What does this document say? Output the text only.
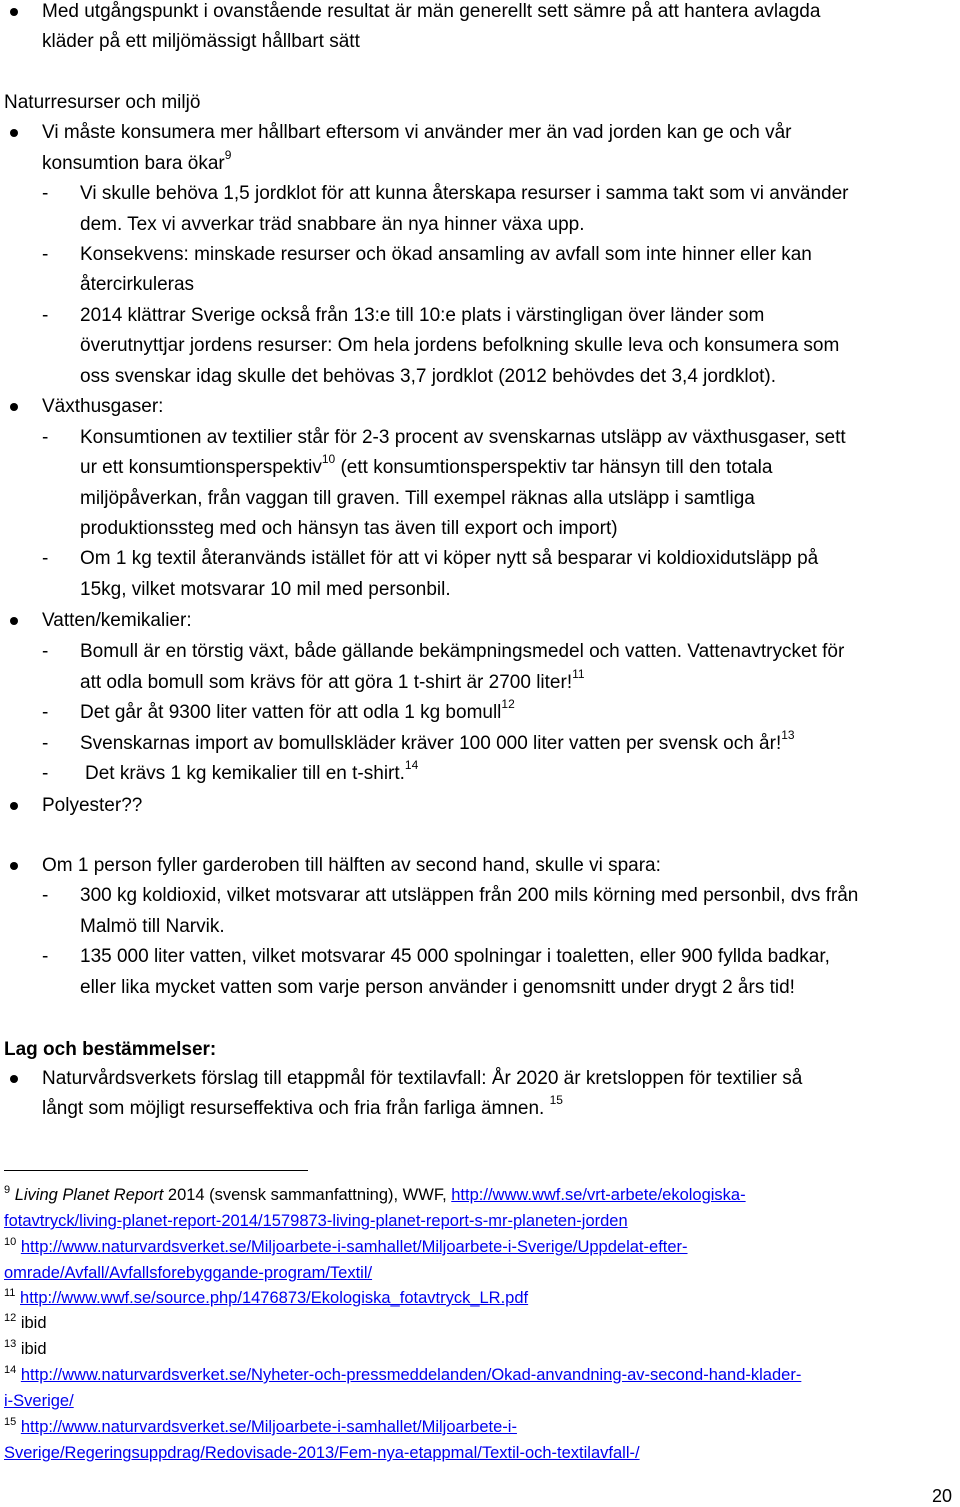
Med utgångspunkt i ovanstående resultat är män generellt sett sämre på att hantera avlagda
kläder på ett miljömässigt hållbart sätt
Naturresurser och miljö
Vi måste konsumera mer hållbart eftersom vi använder mer än vad jorden kan ge och vår
konsumtion bara ökar$^9$
- Vi skulle behöva 1,5 jordklot för att kunna återskapa resurser i samma takt som vi använder
dem. Tex vi avverkar träd snabbare än nya hinner växa upp.
- Konsekvens: minskade resurser och ökad ansamling av avfall som inte hinner eller kan
återcirkuleras
- 2014 klättrar Sverige också från 13:e till 10:e plats i värstingligan över länder som
överutnyttjar jordens resurser: Om hela jordens befolkning skulle leva och konsumera som
oss svenskar idag skulle det behövas 3,7 jordklot (2012 behövdes det 3,4 jordklot).
Växthusgaser:
- Konsumtionen av textilier står för 2-3 procent av svenskarnas utsläpp av växthusgaser, sett
ur ett konsumtionsperspektiv$^{10}$ (ett konsumtionsperspektiv tar hänsyn till den totala
miljöpåverkan, från vaggan till graven. Till exempel räknas alla utsläpp i samtliga
produktionssteg med och hänsyn tas även till export och import)
- Om 1 kg textil återanvänds istället för att vi köper nytt så besparar vi koldioxidutsläpp på
15kg, vilket motsvarar 10 mil med personbil.
Vatten/kemikalier:
- Bomull är en törstig växt, både gällande bekämpningsmedel och vatten. Vattenavtrycket för
att odla bomull som krävs för att göra 1 t-shirt är 2700 liter!$^{11}$
- Det går åt 9300 liter vatten för att odla 1 kg bomull$^{12}$
- Svenskarnas import av bomullskläder kräver 100 000 liter vatten per svensk och år!$^{13}$
- Det krävs 1 kg kemikalier till en t-shirt.$^{14}$
Polyester??
Om 1 person fyller garderoben till hälften av second hand, skulle vi spara:
- 300 kg koldioxid, vilket motsvarar att utsläppen från 200 mils körning med personbil, dvs från
Malmö till Narvik.
- 135 000 liter vatten, vilket motsvarar 45 000 spolningar i toaletten, eller 900 fyllda badkar,
eller lika mycket vatten som varje person använder i genomsnitt under drygt 2 års tid!
Lag och bestämmelser:
Naturvårdsverkets förslag till etappmål för textilavfall: År 2020 är kretsloppen för textilier så
långt som möjligt resurseffektiva och fria från farliga ämnen. $^{15}$
$^9$ Living Planet Report 2014 (svensk sammanfattning), WWF, http://www.wwf.se/vrt-arbete/ekologiska-
fotavtryck/living-planet-report-2014/1579873-living-planet-report-s-mr-planeten-jorden
$^{10}$ http://www.naturvardsverket.se/Miljoarbete-i-samhallet/Miljoarbete-i-Sverige/Uppdelat-efter-
omrade/Avfall/Avfallsforebyggande-program/Textil/
$^{11}$ http://www.wwf.se/source.php/1476873/Ekologiska_fotavtryck_LR.pdf
$^{12}$ ibid
$^{13}$ ibid
$^{14}$ http://www.naturvardsverket.se/Nyheter-och-pressmeddelanden/Okad-anvandning-av-second-hand-klader-
i-Sverige/
$^{15}$ http://www.naturvardsverket.se/Miljoarbete-i-samhallet/Miljoarbete-i-
Sverige/Regeringsuppdrag/Redovisade-2013/Fem-nya-etappmal/Textil-och-textilavfall-/
20
